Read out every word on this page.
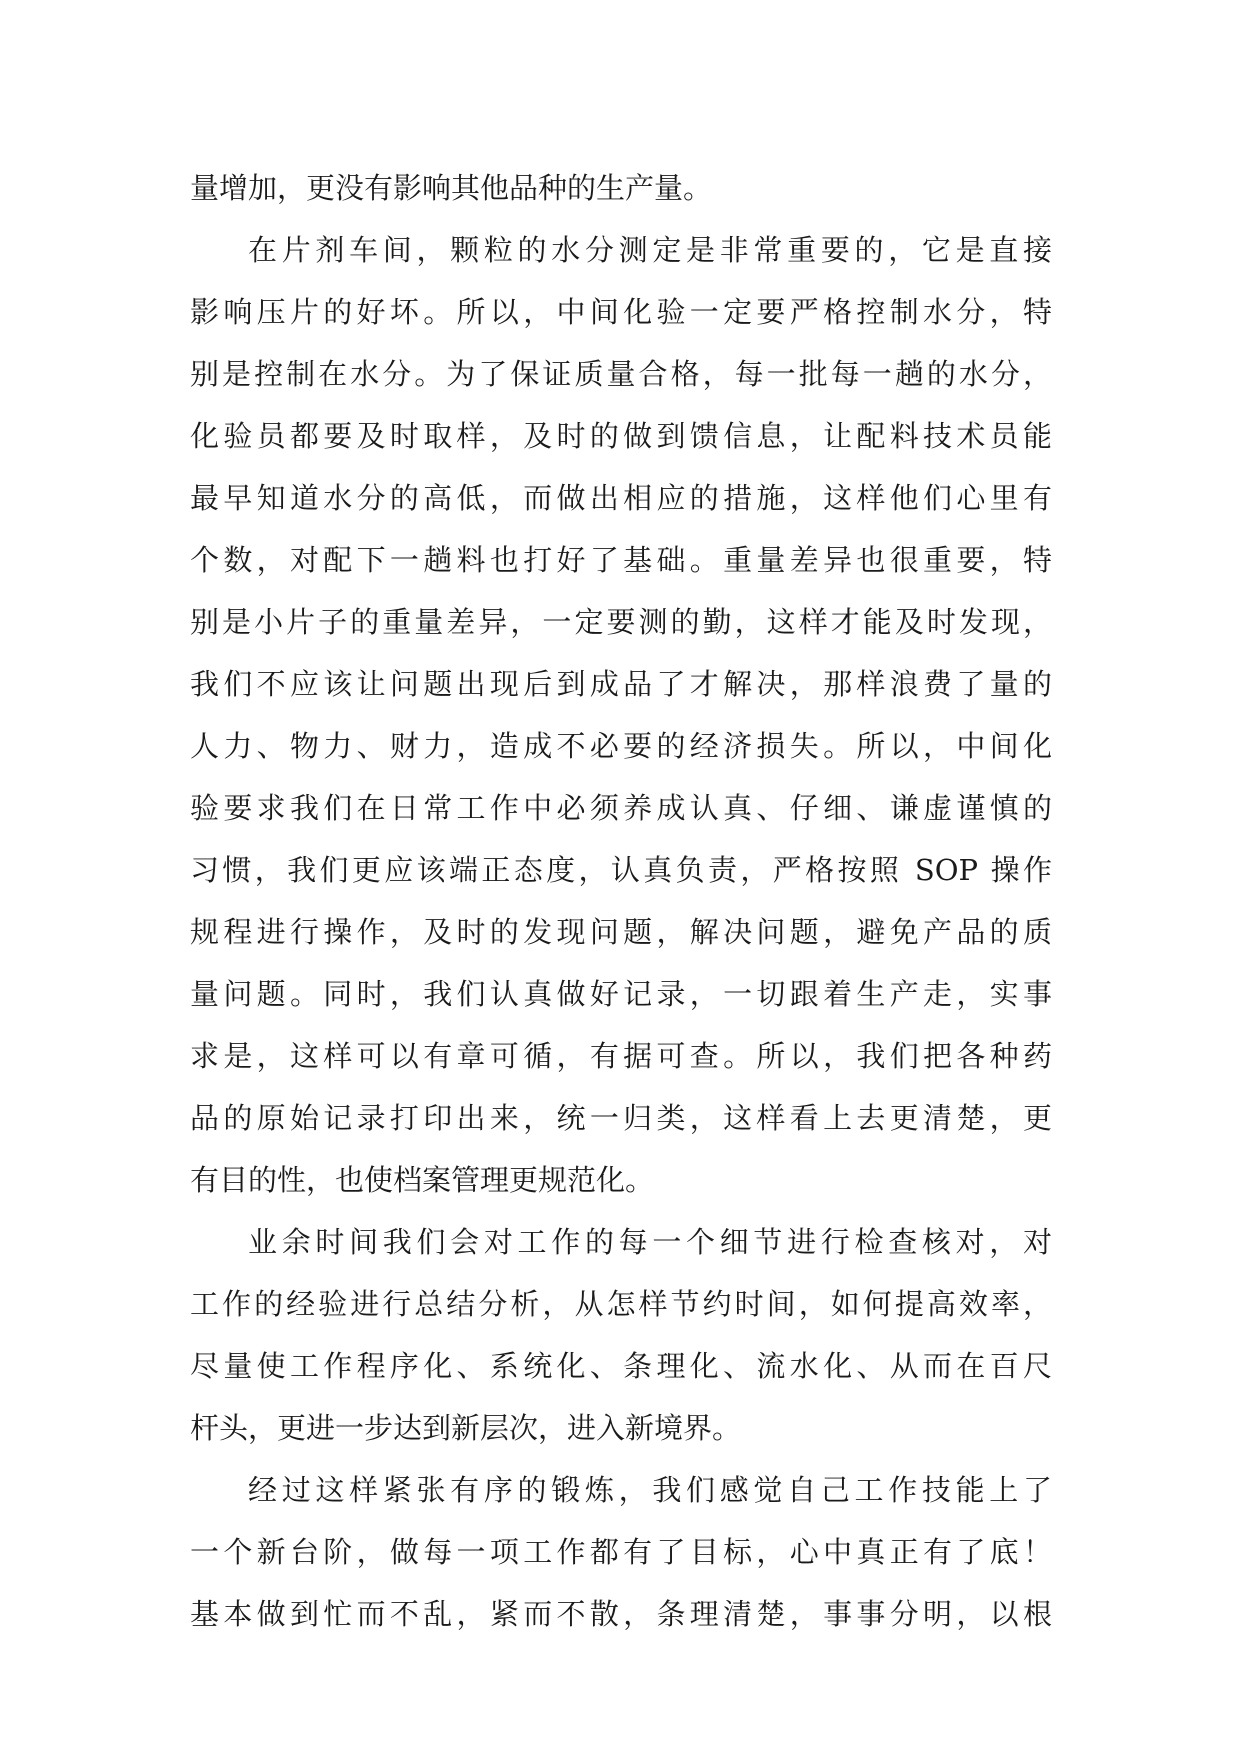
量增加，更没有影响其他品种的生产量。
在片剂车间，颗粒的水分测定是非常重要的，它是直接
影响压片的好坏。所以，中间化验一定要严格控制水分，特
别是控制在水分。为了保证质量合格，每一批每一趟的水分，
化验员都要及时取样，及时的做到馈信息，让配料技术员能
最早知道水分的高低，而做出相应的措施，这样他们心里有
个数，对配下一趟料也打好了基础。重量差异也很重要，特
别是小片子的重量差异，一定要测的勤，这样才能及时发现，
我们不应该让问题出现后到成品了才解决，那样浪费了量的
人力、物力、财力，造成不必要的经济损失。所以，中间化
验要求我们在日常工作中必须养成认真、仔细、谦虚谨慎的
习惯，我们更应该端正态度，认真负责，严格按照 SOP 操作
规程进行操作，及时的发现问题，解决问题，避免产品的质
量问题。同时，我们认真做好记录，一切跟着生产走，实事
求是，这样可以有章可循，有据可查。所以，我们把各种药
品的原始记录打印出来，统一归类，这样看上去更清楚，更
有目的性，也使档案管理更规范化。
业余时间我们会对工作的每一个细节进行检查核对，对
工作的经验进行总结分析，从怎样节约时间，如何提高效率，
尽量使工作程序化、系统化、条理化、流水化、从而在百尺
杆头，更进一步达到新层次，进入新境界。
经过这样紧张有序的锻炼，我们感觉自己工作技能上了
一个新台阶，做每一项工作都有了目标，心中真正有了底！
基本做到忙而不乱，紧而不散，条理清楚，事事分明，以根
